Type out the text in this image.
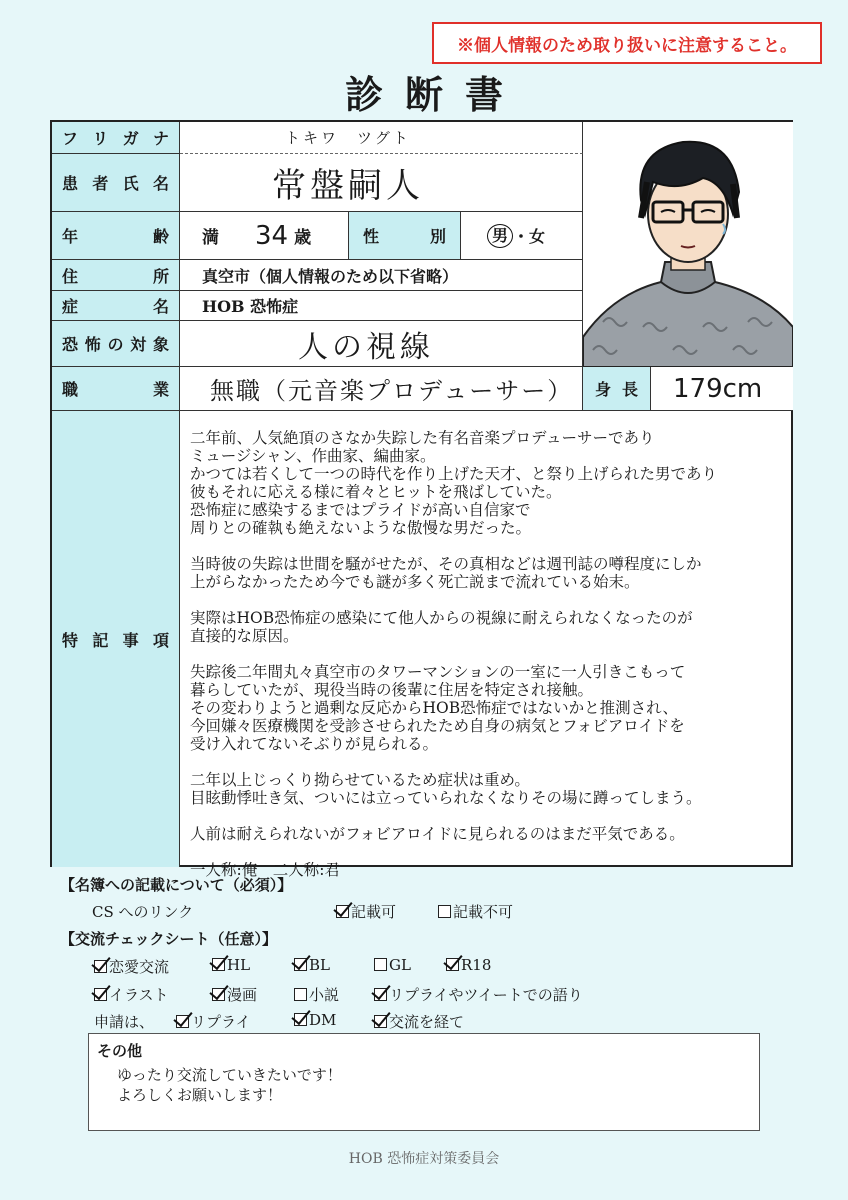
※個人情報のため取り扱いに注意すること。
診断書
フ リ ガ ナ	トキワ　ツグト
患 者 氏 名	常盤嗣人
年	齢 満 34 歳	性	別	男 ・ 女
住	所	真空市（個人情報のため以下省略）
症	名	HOB 恐怖症
恐 怖 の 対 象	人の視線
職	業	無職（元音楽プロデューサー）	身 長	179cm
特 記 事 項
二年前、人気絶頂のさなか失踪した有名音楽プロデューサーであり
ミュージシャン、作曲家、編曲家。
かつては若くして一つの時代を作り上げた天才、と祭り上げられた男であり
彼もそれに応える様に着々とヒットを飛ばしていた。
恐怖症に感染するまではプライドが高い自信家で
周りとの確執も絶えないような傲慢な男だった。

当時彼の失踪は世間を騒がせたが、その真相などは週刊誌の噂程度にしか
上がらなかったため今でも謎が多く死亡説まで流れている始末。

実際はHOB恐怖症の感染にて他人からの視線に耐えられなくなったのが
直接的な原因。

失踪後二年間丸々真空市のタワーマンションの一室に一人引きこもって
暮らしていたが、現役当時の後輩に住居を特定され接触。
その変わりようと過剰な反応からHOB恐怖症ではないかと推測され、
今回嫌々医療機関を受診させられたため自身の病気とフォビアロイドを
受け入れてないそぶりが見られる。

二年以上じっくり拗らせているため症状は重め。
目眩動悸吐き気、ついには立っていられなくなりその場に蹲ってしまう。

人前は耐えられないがフォビアロイドに見られるのはまだ平気である。

一人称:俺　二人称:君
【名簿への記載について（必須）】
CS へのリンク	記載可	記載不可
【交流チェックシート（任意）】
恋愛交流	HL	BL	GL	R18
イラスト	漫画	小説	リプライやツイートでの語り
申請は、	リプライ	DM	交流を経て
その他
ゆったり交流していきたいです！
よろしくお願いします！
HOB 恐怖症対策委員会
